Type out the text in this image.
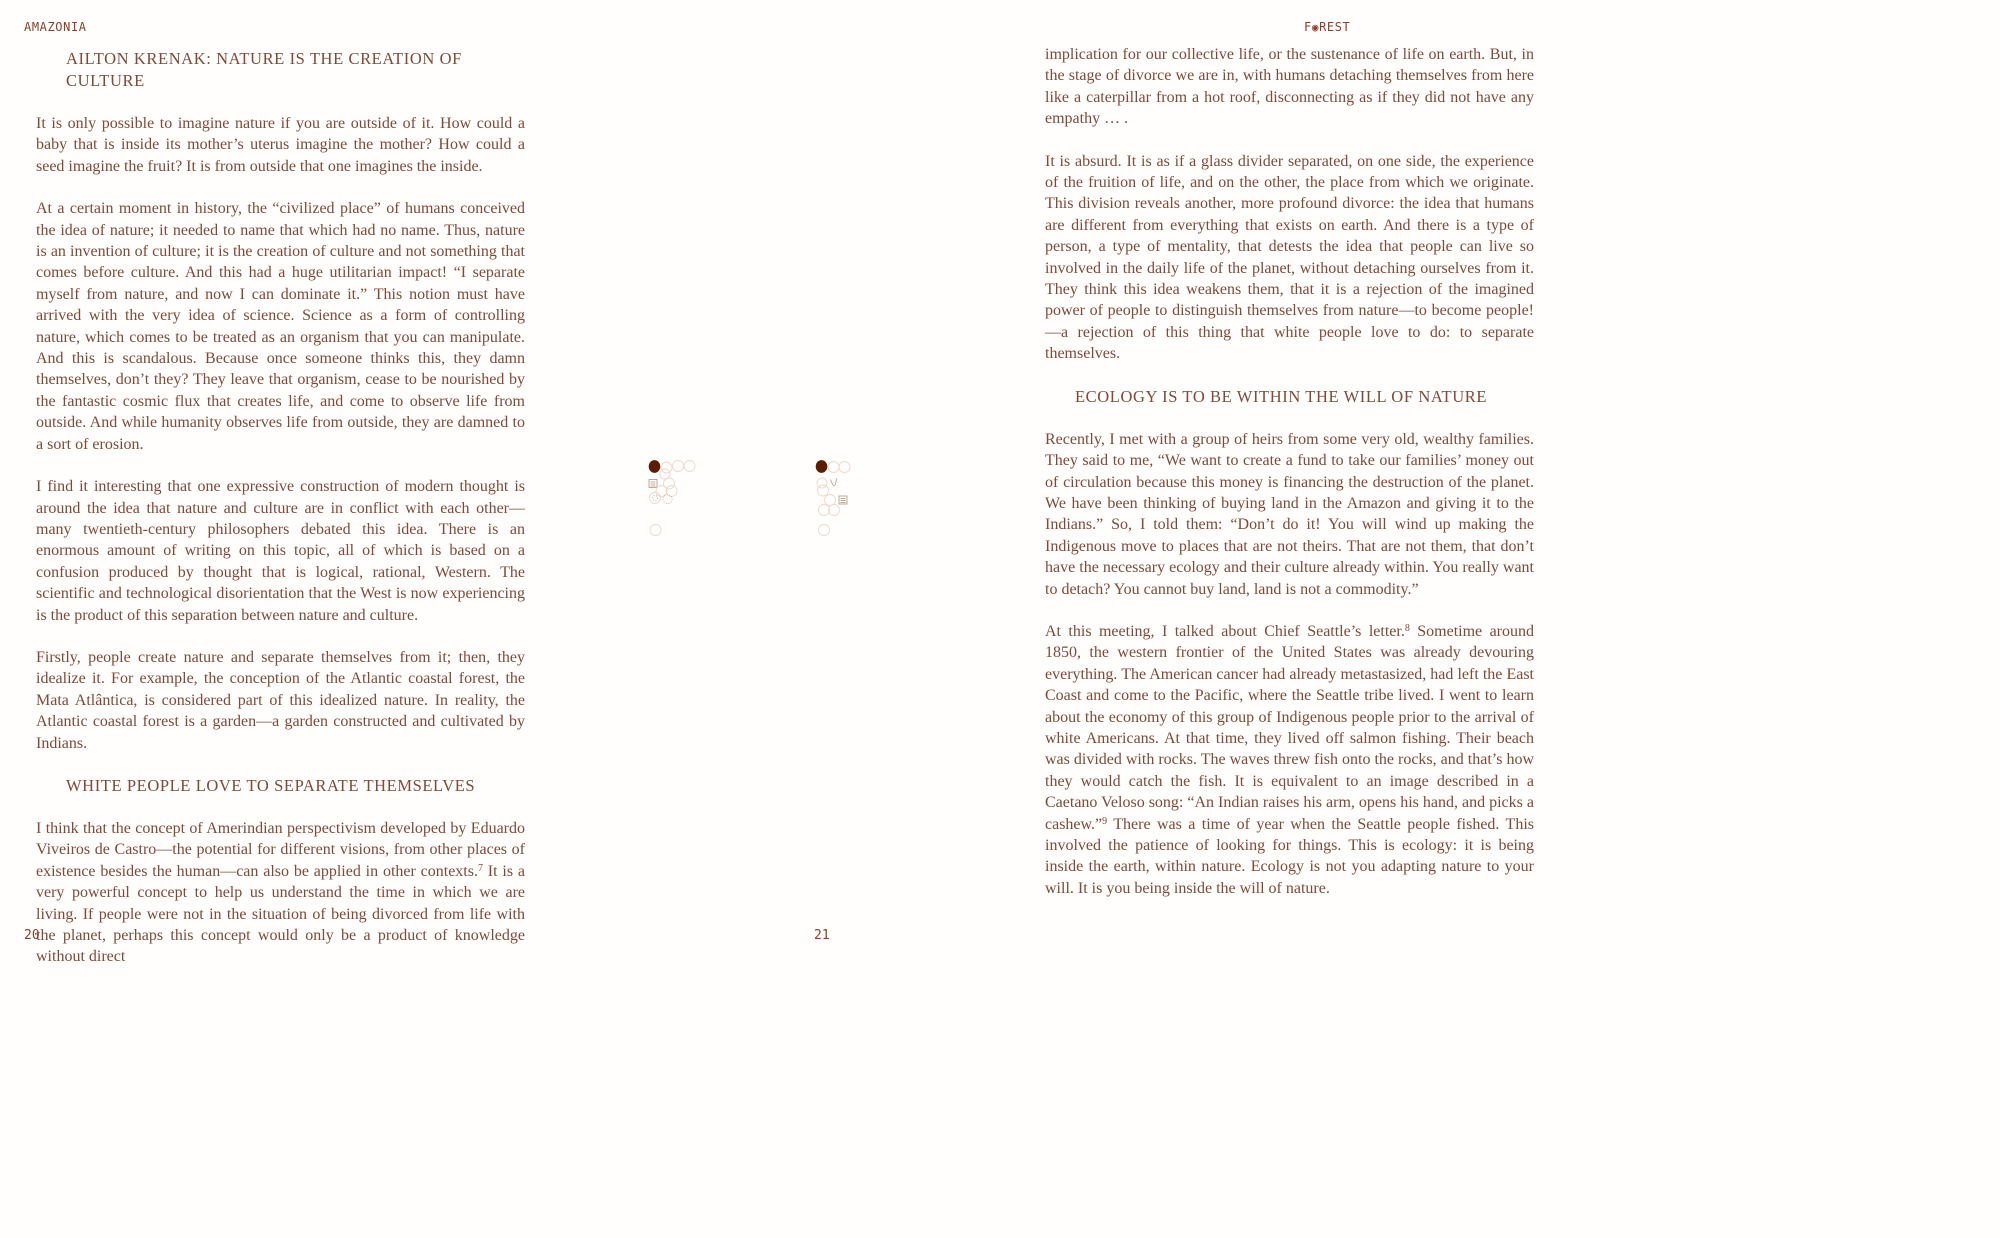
AMAZONIA	F◉REST
AILTON KRENAK: NATURE IS THE CREATION OF CULTURE

It is only possible to imagine nature if you are outside of it. How could a baby that is inside its mother’s uterus imagine the mother? How could a seed imagine the fruit? It is from outside that one imagines the inside.

At a certain moment in history, the “civilized place” of humans conceived the idea of nature; it needed to name that which had no name. Thus, nature is an invention of culture; it is the creation of culture and not something that comes before culture. And this had a huge utilitarian impact! “I separate myself from nature, and now I can dominate it.” This notion must have arrived with the very idea of science. Science as a form of controlling nature, which comes to be treated as an organism that you can manipulate. And this is scandalous. Because once someone thinks this, they damn themselves, don’t they? They leave that organism, cease to be nourished by the fantastic cosmic flux that creates life, and come to observe life from outside. And while humanity observes life from outside, they are damned to a sort of erosion.

I find it interesting that one expressive construction of modern thought is around the idea that nature and culture are in conflict with each other—many twentieth-century philosophers debated this idea. There is an enormous amount of writing on this topic, all of which is based on a confusion produced by thought that is logical, rational, Western. The scientific and technological disorientation that the West is now experiencing is the product of this separation between nature and culture.

Firstly, people create nature and separate themselves from it; then, they idealize it. For example, the conception of the Atlantic coastal forest, the Mata Atlântica, is considered part of this idealized nature. In reality, the Atlantic coastal forest is a garden—a garden constructed and cultivated by Indians.

WHITE PEOPLE LOVE TO SEPARATE THEMSELVES

I think that the concept of Amerindian perspectivism developed by Eduardo Viveiros de Castro—the potential for different visions, from other places of existence besides the human—can also be applied in other contexts.$^7$ It is a very powerful concept to help us understand the time in which we are living. If people were not in the situation of being divorced from life with the planet, perhaps this concept would only be a product of knowledge without direct

implication for our collective life, or the sustenance of life on earth. But, in the stage of divorce we are in, with humans detaching themselves from here like a caterpillar from a hot roof, disconnecting as if they did not have any empathy … .

It is absurd. It is as if a glass divider separated, on one side, the experience of the fruition of life, and on the other, the place from which we originate. This division reveals another, more profound divorce: the idea that humans are different from everything that exists on earth. And there is a type of person, a type of mentality, that detests the idea that people can live so involved in the daily life of the planet, without detaching ourselves from it. They think this idea weakens them, that it is a rejection of the imagined power of people to distinguish themselves from nature—to become people!—a rejection of this thing that white people love to do: to separate themselves.

ECOLOGY IS TO BE WITHIN THE WILL OF NATURE

Recently, I met with a group of heirs from some very old, wealthy families. They said to me, “We want to create a fund to take our families’ money out of circulation because this money is financing the destruction of the planet. We have been thinking of buying land in the Amazon and giving it to the Indians.” So, I told them: “Don’t do it! You will wind up making the Indigenous move to places that are not theirs. That are not them, that don’t have the necessary ecology and their culture already within. You really want to detach? You cannot buy land, land is not a commodity.”

At this meeting, I talked about Chief Seattle’s letter.$^8$ Sometime around 1850, the western frontier of the United States was already devouring everything. The American cancer had already metastasized, had left the East Coast and come to the Pacific, where the Seattle tribe lived. I went to learn about the economy of this group of Indigenous people prior to the arrival of white Americans. At that time, they lived off salmon fishing. Their beach was divided with rocks. The waves threw fish onto the rocks, and that’s how they would catch the fish. It is equivalent to an image described in a Caetano Veloso song: “An Indian raises his arm, opens his hand, and picks a cashew.”$^9$ There was a time of year when the Seattle people fished. This involved the patience of looking for things. This is ecology: it is being inside the earth, within nature. Ecology is not you adapting nature to your will. It is you being inside the will of nature.

20	21
